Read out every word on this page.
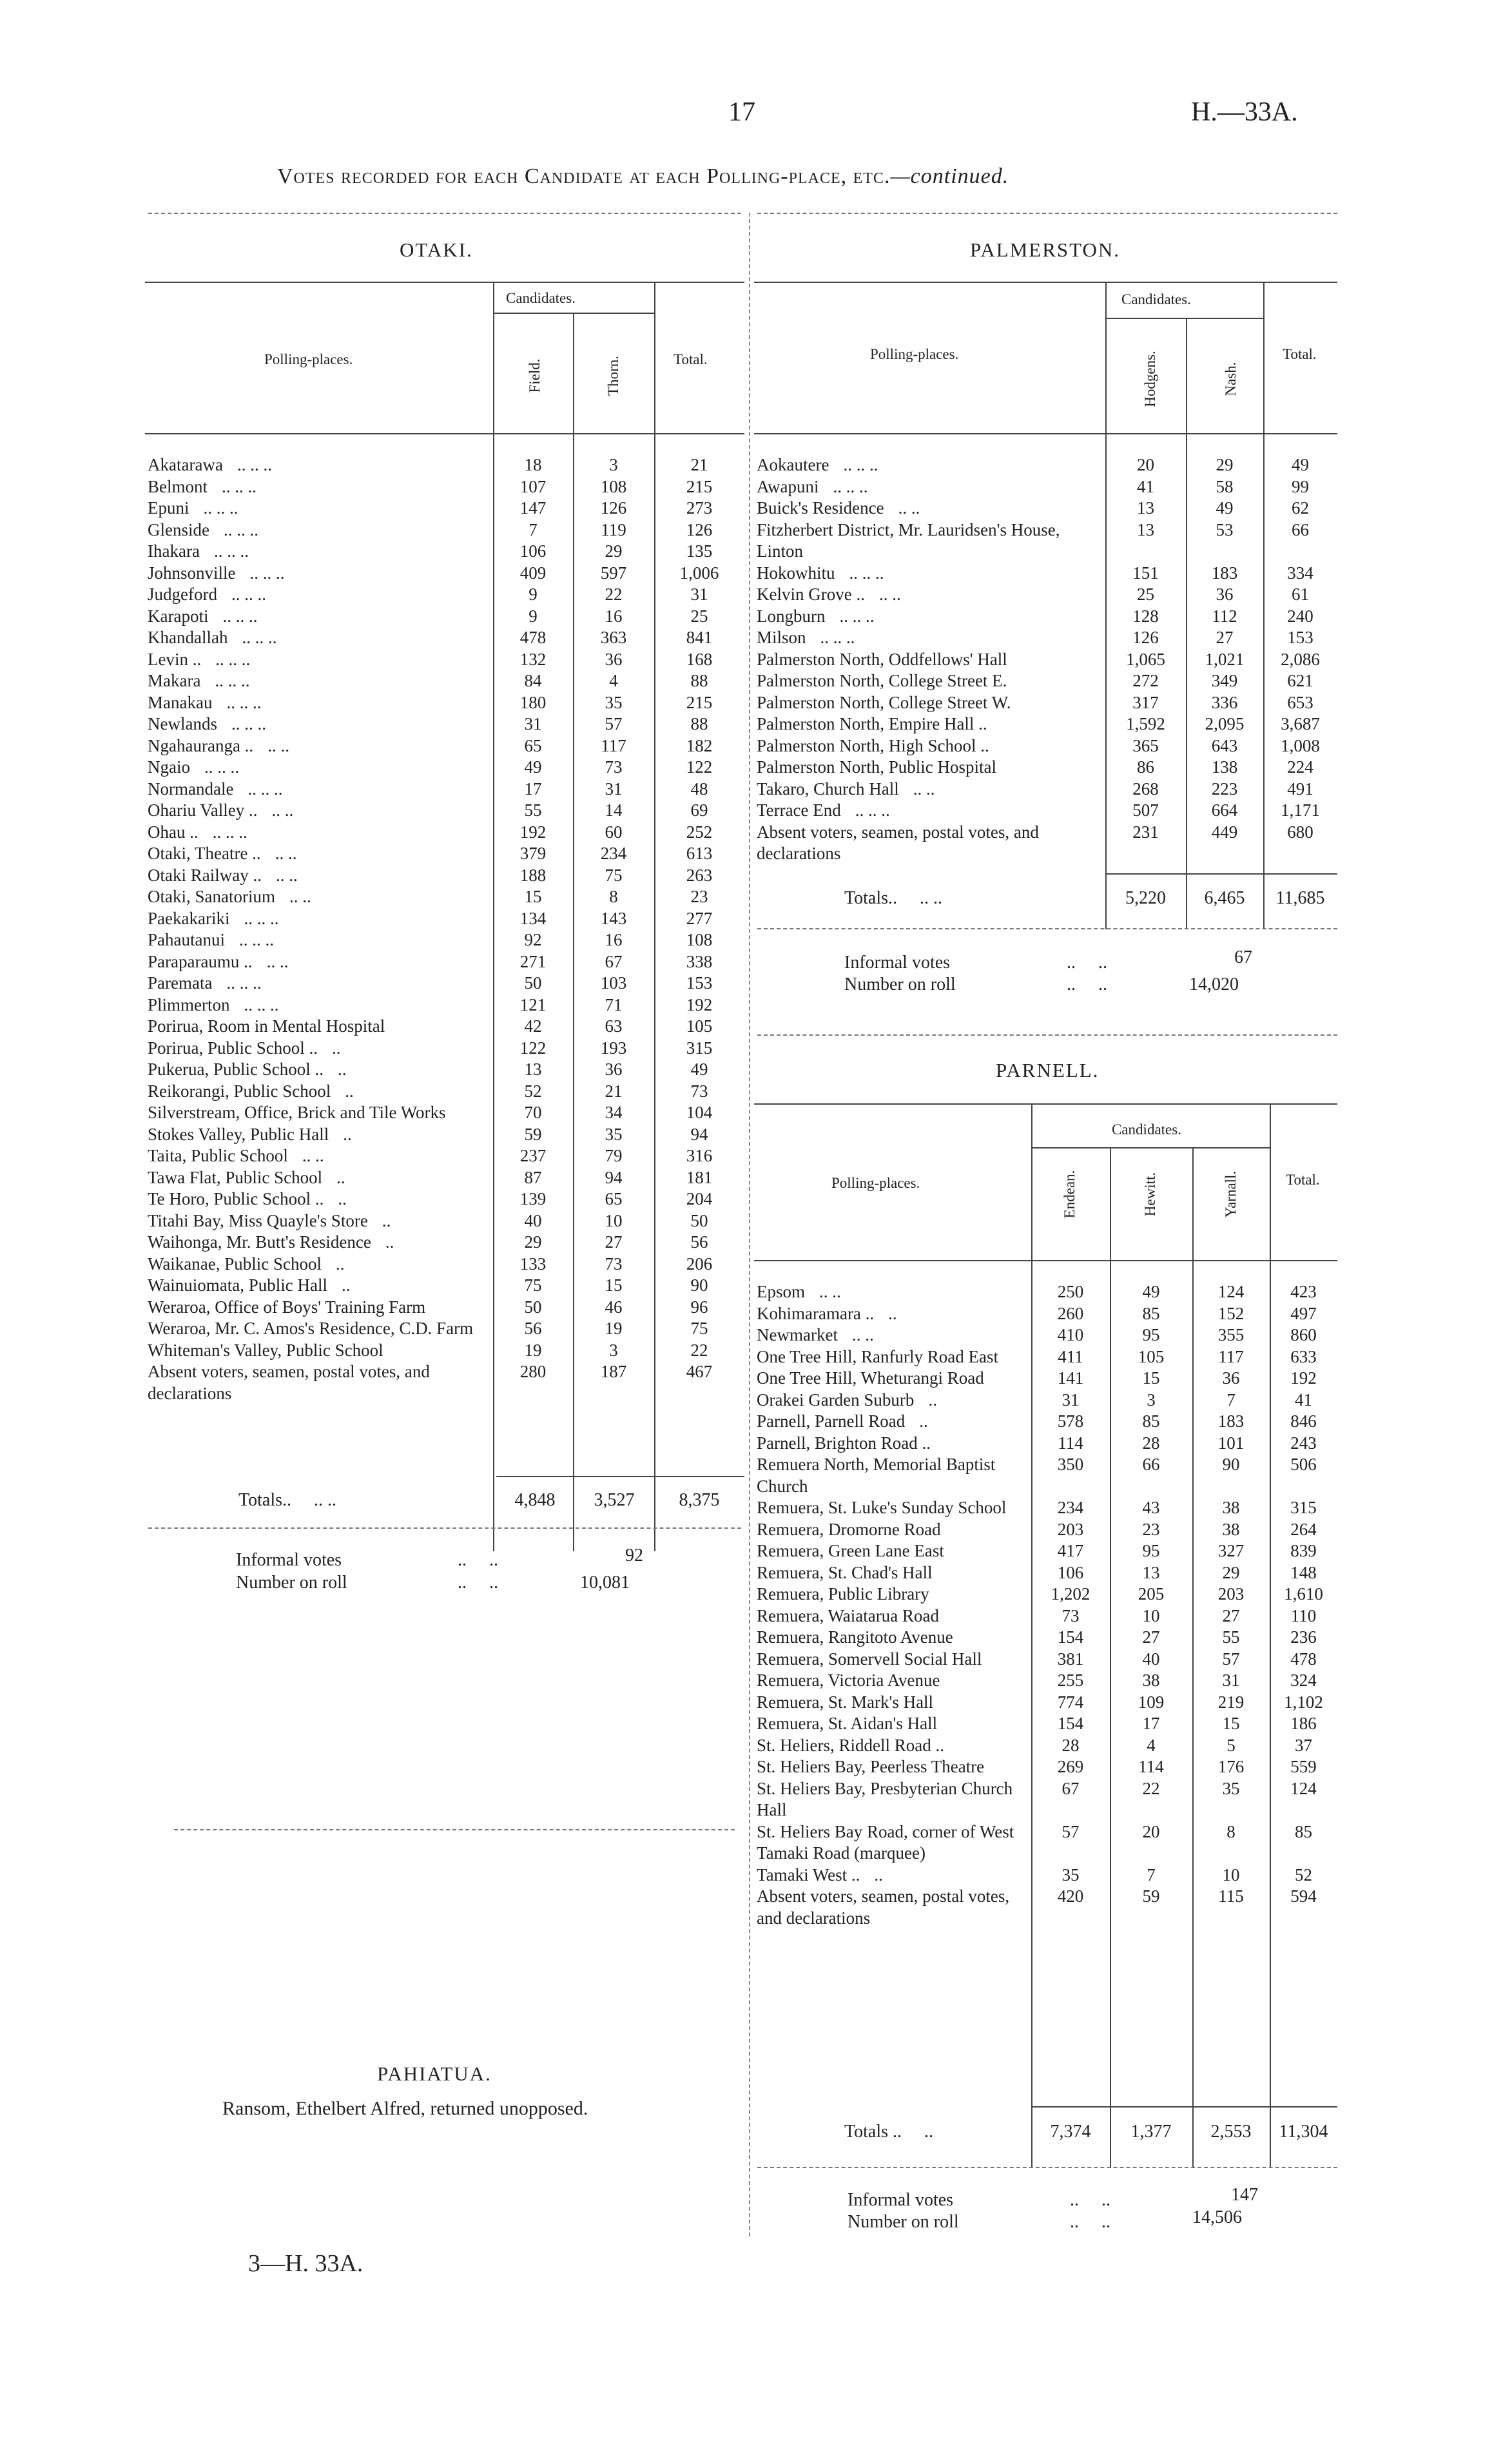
17	H.—33A.
Votes recorded for each Candidate at each Polling-place, etc.—continued.
OTAKI.
Candidates.
Polling-places.	Total.
Field.	Thorn.
Akatarawa .. .. ..	18	3	21
Belmont .. .. ..	107	108	215
Epuni .. .. ..	147	126	273
Glenside .. .. ..	7	119	126
Ihakara .. .. ..	106	29	135
Johnsonville .. .. ..	409	597	1,006
Judgeford .. .. ..	9	22	31
Karapoti .. .. ..	9	16	25
Khandallah .. .. ..	478	363	841
Levin .. .. .. ..	132	36	168
Makara .. .. ..	84	4	88
Manakau .. .. ..	180	35	215
Newlands .. .. ..	31	57	88
Ngahauranga .. .. ..	65	117	182
Ngaio .. .. ..	49	73	122
Normandale .. .. ..	17	31	48
Ohariu Valley .. .. ..	55	14	69
Ohau .. .. .. ..	192	60	252
Otaki, Theatre .. .. ..	379	234	613
Otaki Railway .. .. ..	188	75	263
Otaki, Sanatorium .. ..	15	8	23
Paekakariki .. .. ..	134	143	277
Pahautanui .. .. ..	92	16	108
Paraparaumu .. .. ..	271	67	338
Paremata .. .. ..	50	103	153
Plimmerton .. .. ..	121	71	192
Porirua, Room in Mental Hospital	42	63	105
Porirua, Public School .. ..	122	193	315
Pukerua, Public School .. ..	13	36	49
Reikorangi, Public School ..	52	21	73
Silverstream, Office, Brick and Tile Works	70	34	104
Stokes Valley, Public Hall ..	59	35	94
Taita, Public School .. ..	237	79	316
Tawa Flat, Public School ..	87	94	181
Te Horo, Public School .. ..	139	65	204
Titahi Bay, Miss Quayle's Store ..	40	10	50
Waihonga, Mr. Butt's Residence ..	29	27	56
Waikanae, Public School ..	133	73	206
Wainuiomata, Public Hall ..	75	15	90
Weraroa, Office of Boys' Training Farm	50	46	96
Weraroa, Mr. C. Amos's Residence, C.D. Farm	56	19	75
Whiteman's Valley, Public School	19	3	22
Absent voters, seamen, postal votes, and declarations	280	187	467
Totals.. .. ..	4,848	3,527	8,375
Informal votes	..     ..	92
Number on roll	..     ..	10,081
PAHIATUA.
Ransom, Ethelbert Alfred, returned unopposed.
3—H. 33A.
PALMERSTON.
Candidates.
Polling-places.	Total.
Hodgens.	Nash.
Aokautere .. .. ..	20	29	49
Awapuni .. .. ..	41	58	99
Buick's Residence .. ..	13	49	62
Fitzherbert District, Mr. Lauridsen's House, Linton	13	53	66
Hokowhitu .. .. ..	151	183	334
Kelvin Grove .. .. ..	25	36	61
Longburn .. .. ..	128	112	240
Milson .. .. ..	126	27	153
Palmerston North, Oddfellows' Hall	1,065	1,021	2,086
Palmerston North, College Street E.	272	349	621
Palmerston North, College Street W.	317	336	653
Palmerston North, Empire Hall ..	1,592	2,095	3,687
Palmerston North, High School ..	365	643	1,008
Palmerston North, Public Hospital	86	138	224
Takaro, Church Hall .. ..	268	223	491
Terrace End .. .. ..	507	664	1,171
Absent voters, seamen, postal votes, and declarations	231	449	680
Totals.. .. ..	5,220	6,465	11,685
Informal votes	..     ..	67
Number on roll	..     ..	14,020
PARNELL.
Candidates.
Polling-places.	Total.
Endean.	Hewitt.	Yarnall.
Epsom .. ..	250	49	124	423
Kohimaramara .. ..	260	85	152	497
Newmarket .. ..	410	95	355	860
One Tree Hill, Ranfurly Road East	411	105	117	633
One Tree Hill, Wheturangi Road	141	15	36	192
Orakei Garden Suburb ..	31	3	7	41
Parnell, Parnell Road ..	578	85	183	846
Parnell, Brighton Road ..	114	28	101	243
Remuera North, Memorial Baptist Church	350	66	90	506
Remuera, St. Luke's Sunday School	234	43	38	315
Remuera, Dromorne Road	203	23	38	264
Remuera, Green Lane East	417	95	327	839
Remuera, St. Chad's Hall	106	13	29	148
Remuera, Public Library	1,202	205	203	1,610
Remuera, Waiatarua Road	73	10	27	110
Remuera, Rangitoto Avenue	154	27	55	236
Remuera, Somervell Social Hall	381	40	57	478
Remuera, Victoria Avenue	255	38	31	324
Remuera, St. Mark's Hall	774	109	219	1,102
Remuera, St. Aidan's Hall	154	17	15	186
St. Heliers, Riddell Road ..	28	4	5	37
St. Heliers Bay, Peerless Theatre	269	114	176	559
St. Heliers Bay, Presbyterian Church Hall	67	22	35	124
St. Heliers Bay Road, corner of West Tamaki Road (marquee)	57	20	8	85
Tamaki West .. ..	35	7	10	52
Absent voters, seamen, postal votes, and declarations	420	59	115	594
Totals .. ..	7,374	1,377	2,553	11,304
Informal votes	..     ..	147
Number on roll	..     ..	14,506
